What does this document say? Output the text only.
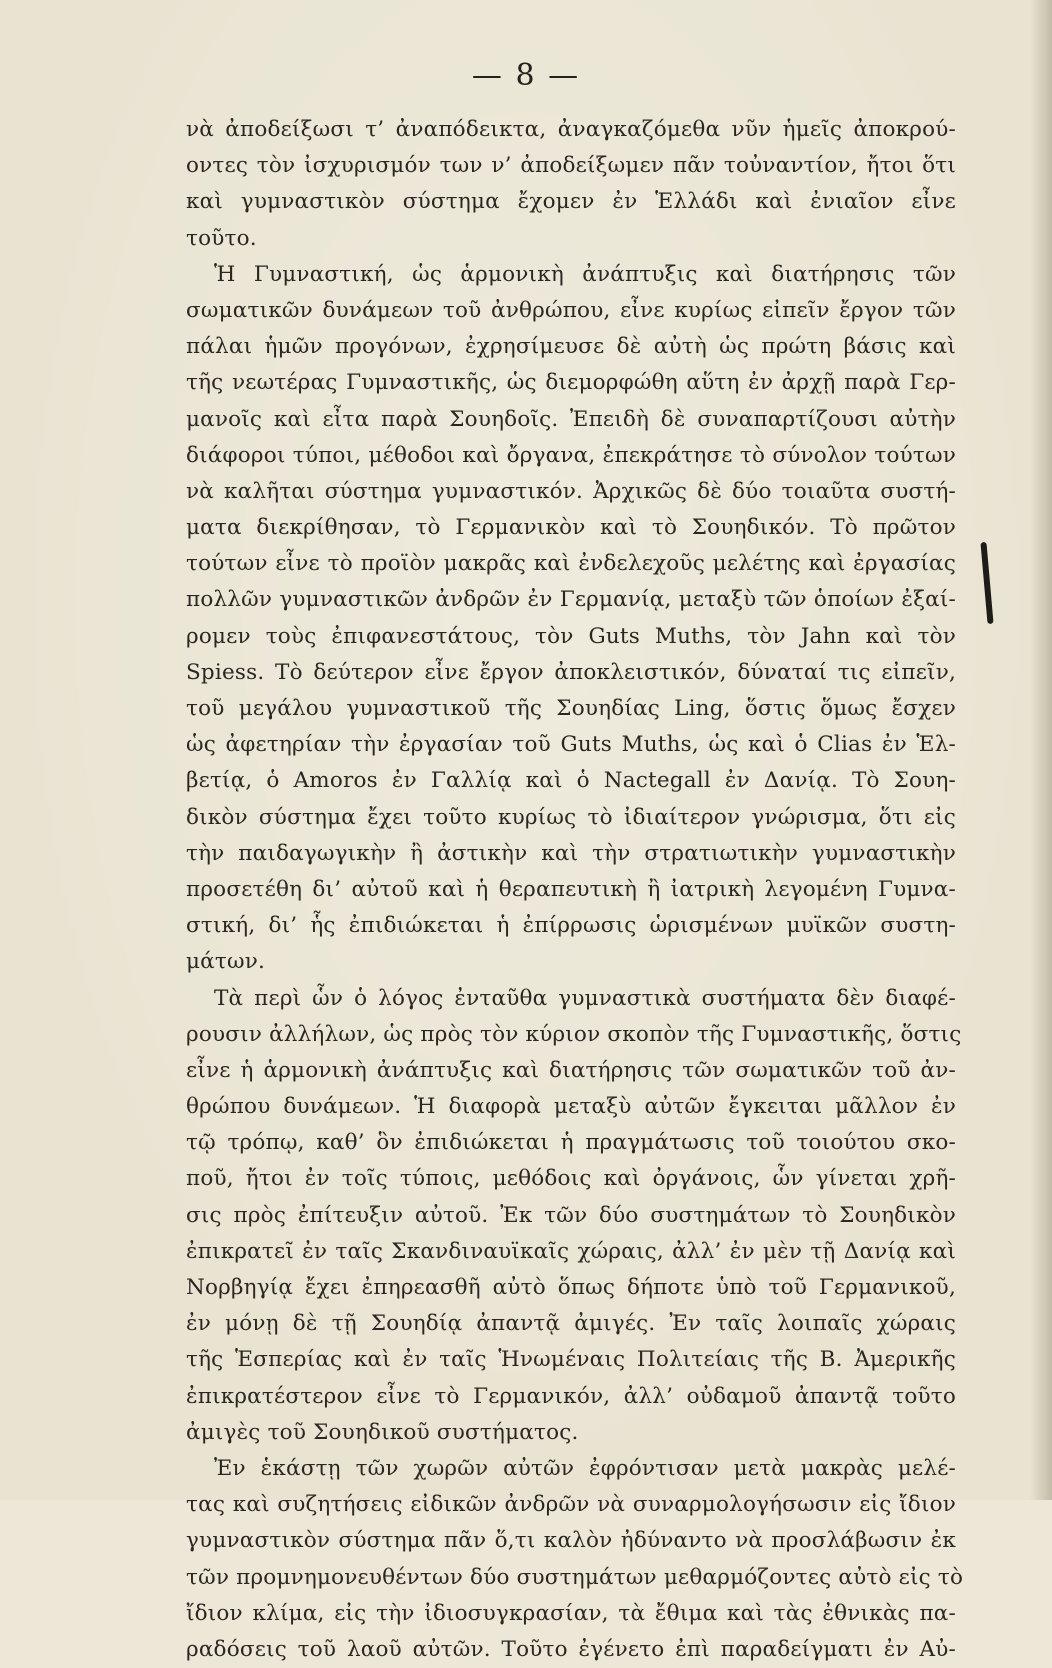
— 8 —
νὰ ἀποδείξωσι τ’ ἀναπόδεικτα, ἀναγκαζόμεθα νῦν ἡμεῖς ἀποκρού-
οντες τὸν ἰσχυρισμόν των ν’ ἀποδείξωμεν πᾶν τοὐναντίον, ἤτοι ὅτι
καὶ γυμναστικὸν σύστημα ἔχομεν ἐν Ἑλλάδι καὶ ἐνιαῖον εἶνε
τοῦτο.
Ἡ Γυμναστική, ὡς ἁρμονικὴ ἀνάπτυξις καὶ διατήρησις τῶν
σωματικῶν δυνάμεων τοῦ ἀνθρώπου, εἶνε κυρίως εἰπεῖν ἔργον τῶν
πάλαι ἡμῶν προγόνων, ἐχρησίμευσε δὲ αὐτὴ ὡς πρώτη βάσις καὶ
τῆς νεωτέρας Γυμναστικῆς, ὡς διεμορφώθη αὕτη ἐν ἀρχῇ παρὰ Γερ-
μανοῖς καὶ εἶτα παρὰ Σουηδοῖς. Ἐπειδὴ δὲ συναπαρτίζουσι αὐτὴν
διάφοροι τύποι, μέθοδοι καὶ ὄργανα, ἐπεκράτησε τὸ σύνολον τούτων
νὰ καλῆται σύστημα γυμναστικόν. Ἀρχικῶς δὲ δύο τοιαῦτα συστή-
ματα διεκρίθησαν, τὸ Γερμανικὸν καὶ τὸ Σουηδικόν. Τὸ πρῶτον
τούτων εἶνε τὸ προϊὸν μακρᾶς καὶ ἐνδελεχοῦς μελέτης καὶ ἐργασίας
πολλῶν γυμναστικῶν ἀνδρῶν ἐν Γερμανίᾳ, μεταξὺ τῶν ὁποίων ἐξαί-
ρομεν τοὺς ἐπιφανεστάτους, τὸν Guts Muths, τὸν Jahn καὶ τὸν
Spiess. Τὸ δεύτερον εἶνε ἔργον ἀποκλειστικόν, δύναταί τις εἰπεῖν,
τοῦ μεγάλου γυμναστικοῦ τῆς Σουηδίας Ling, ὅστις ὅμως ἔσχεν
ὡς ἀφετηρίαν τὴν ἐργασίαν τοῦ Guts Muths, ὡς καὶ ὁ Clias ἐν Ἑλ-
βετίᾳ, ὁ Amoros ἐν Γαλλίᾳ καὶ ὁ Nactegall ἐν Δανίᾳ. Τὸ Σουη-
δικὸν σύστημα ἔχει τοῦτο κυρίως τὸ ἰδιαίτερον γνώρισμα, ὅτι εἰς
τὴν παιδαγωγικὴν ἢ ἀστικὴν καὶ τὴν στρατιωτικὴν γυμναστικὴν
προσετέθη δι’ αὐτοῦ καὶ ἡ θεραπευτικὴ ἢ ἰατρικὴ λεγομένη Γυμνα-
στική, δι’ ἧς ἐπιδιώκεται ἡ ἐπίρρωσις ὡρισμένων μυϊκῶν συστη-
μάτων.
Τὰ περὶ ὧν ὁ λόγος ἐνταῦθα γυμναστικὰ συστήματα δὲν διαφέ-
ρουσιν ἀλλήλων, ὡς πρὸς τὸν κύριον σκοπὸν τῆς Γυμναστικῆς, ὅστις
εἶνε ἡ ἁρμονικὴ ἀνάπτυξις καὶ διατήρησις τῶν σωματικῶν τοῦ ἀν-
θρώπου δυνάμεων. Ἡ διαφορὰ μεταξὺ αὐτῶν ἔγκειται μᾶλλον ἐν
τῷ τρόπῳ, καθ’ ὃν ἐπιδιώκεται ἡ πραγμάτωσις τοῦ τοιούτου σκο-
ποῦ, ἤτοι ἐν τοῖς τύποις, μεθόδοις καὶ ὀργάνοις, ὧν γίνεται χρῆ-
σις πρὸς ἐπίτευξιν αὐτοῦ. Ἐκ τῶν δύο συστημάτων τὸ Σουηδικὸν
ἐπικρατεῖ ἐν ταῖς Σκανδιναυϊκαῖς χώραις, ἀλλ’ ἐν μὲν τῇ Δανίᾳ καὶ
Νορβηγίᾳ ἔχει ἐπηρεασθῆ αὐτὸ ὅπως δήποτε ὑπὸ τοῦ Γερμανικοῦ,
ἐν μόνῃ δὲ τῇ Σουηδίᾳ ἀπαντᾷ ἀμιγές. Ἐν ταῖς λοιπαῖς χώραις
τῆς Ἑσπερίας καὶ ἐν ταῖς Ἡνωμέναις Πολιτείαις τῆς Β. Ἀμερικῆς
ἐπικρατέστερον εἶνε τὸ Γερμανικόν, ἀλλ’ οὐδαμοῦ ἀπαντᾷ τοῦτο
ἀμιγὲς τοῦ Σουηδικοῦ συστήματος.
Ἐν ἑκάστῃ τῶν χωρῶν αὐτῶν ἐφρόντισαν μετὰ μακρὰς μελέ-
τας καὶ συζητήσεις εἰδικῶν ἀνδρῶν νὰ συναρμολογήσωσιν εἰς ἴδιον
γυμναστικὸν σύστημα πᾶν ὅ,τι καλὸν ἠδύναντο νὰ προσλάβωσιν ἐκ
τῶν προμνημονευθέντων δύο συστημάτων μεθαρμόζοντες αὐτὸ εἰς τὸ
ἴδιον κλίμα, εἰς τὴν ἰδιοσυγκρασίαν, τὰ ἔθιμα καὶ τὰς ἐθνικὰς πα-
ραδόσεις τοῦ λαοῦ αὐτῶν. Τοῦτο ἐγένετο ἐπὶ παραδείγματι ἐν Αὐ-
